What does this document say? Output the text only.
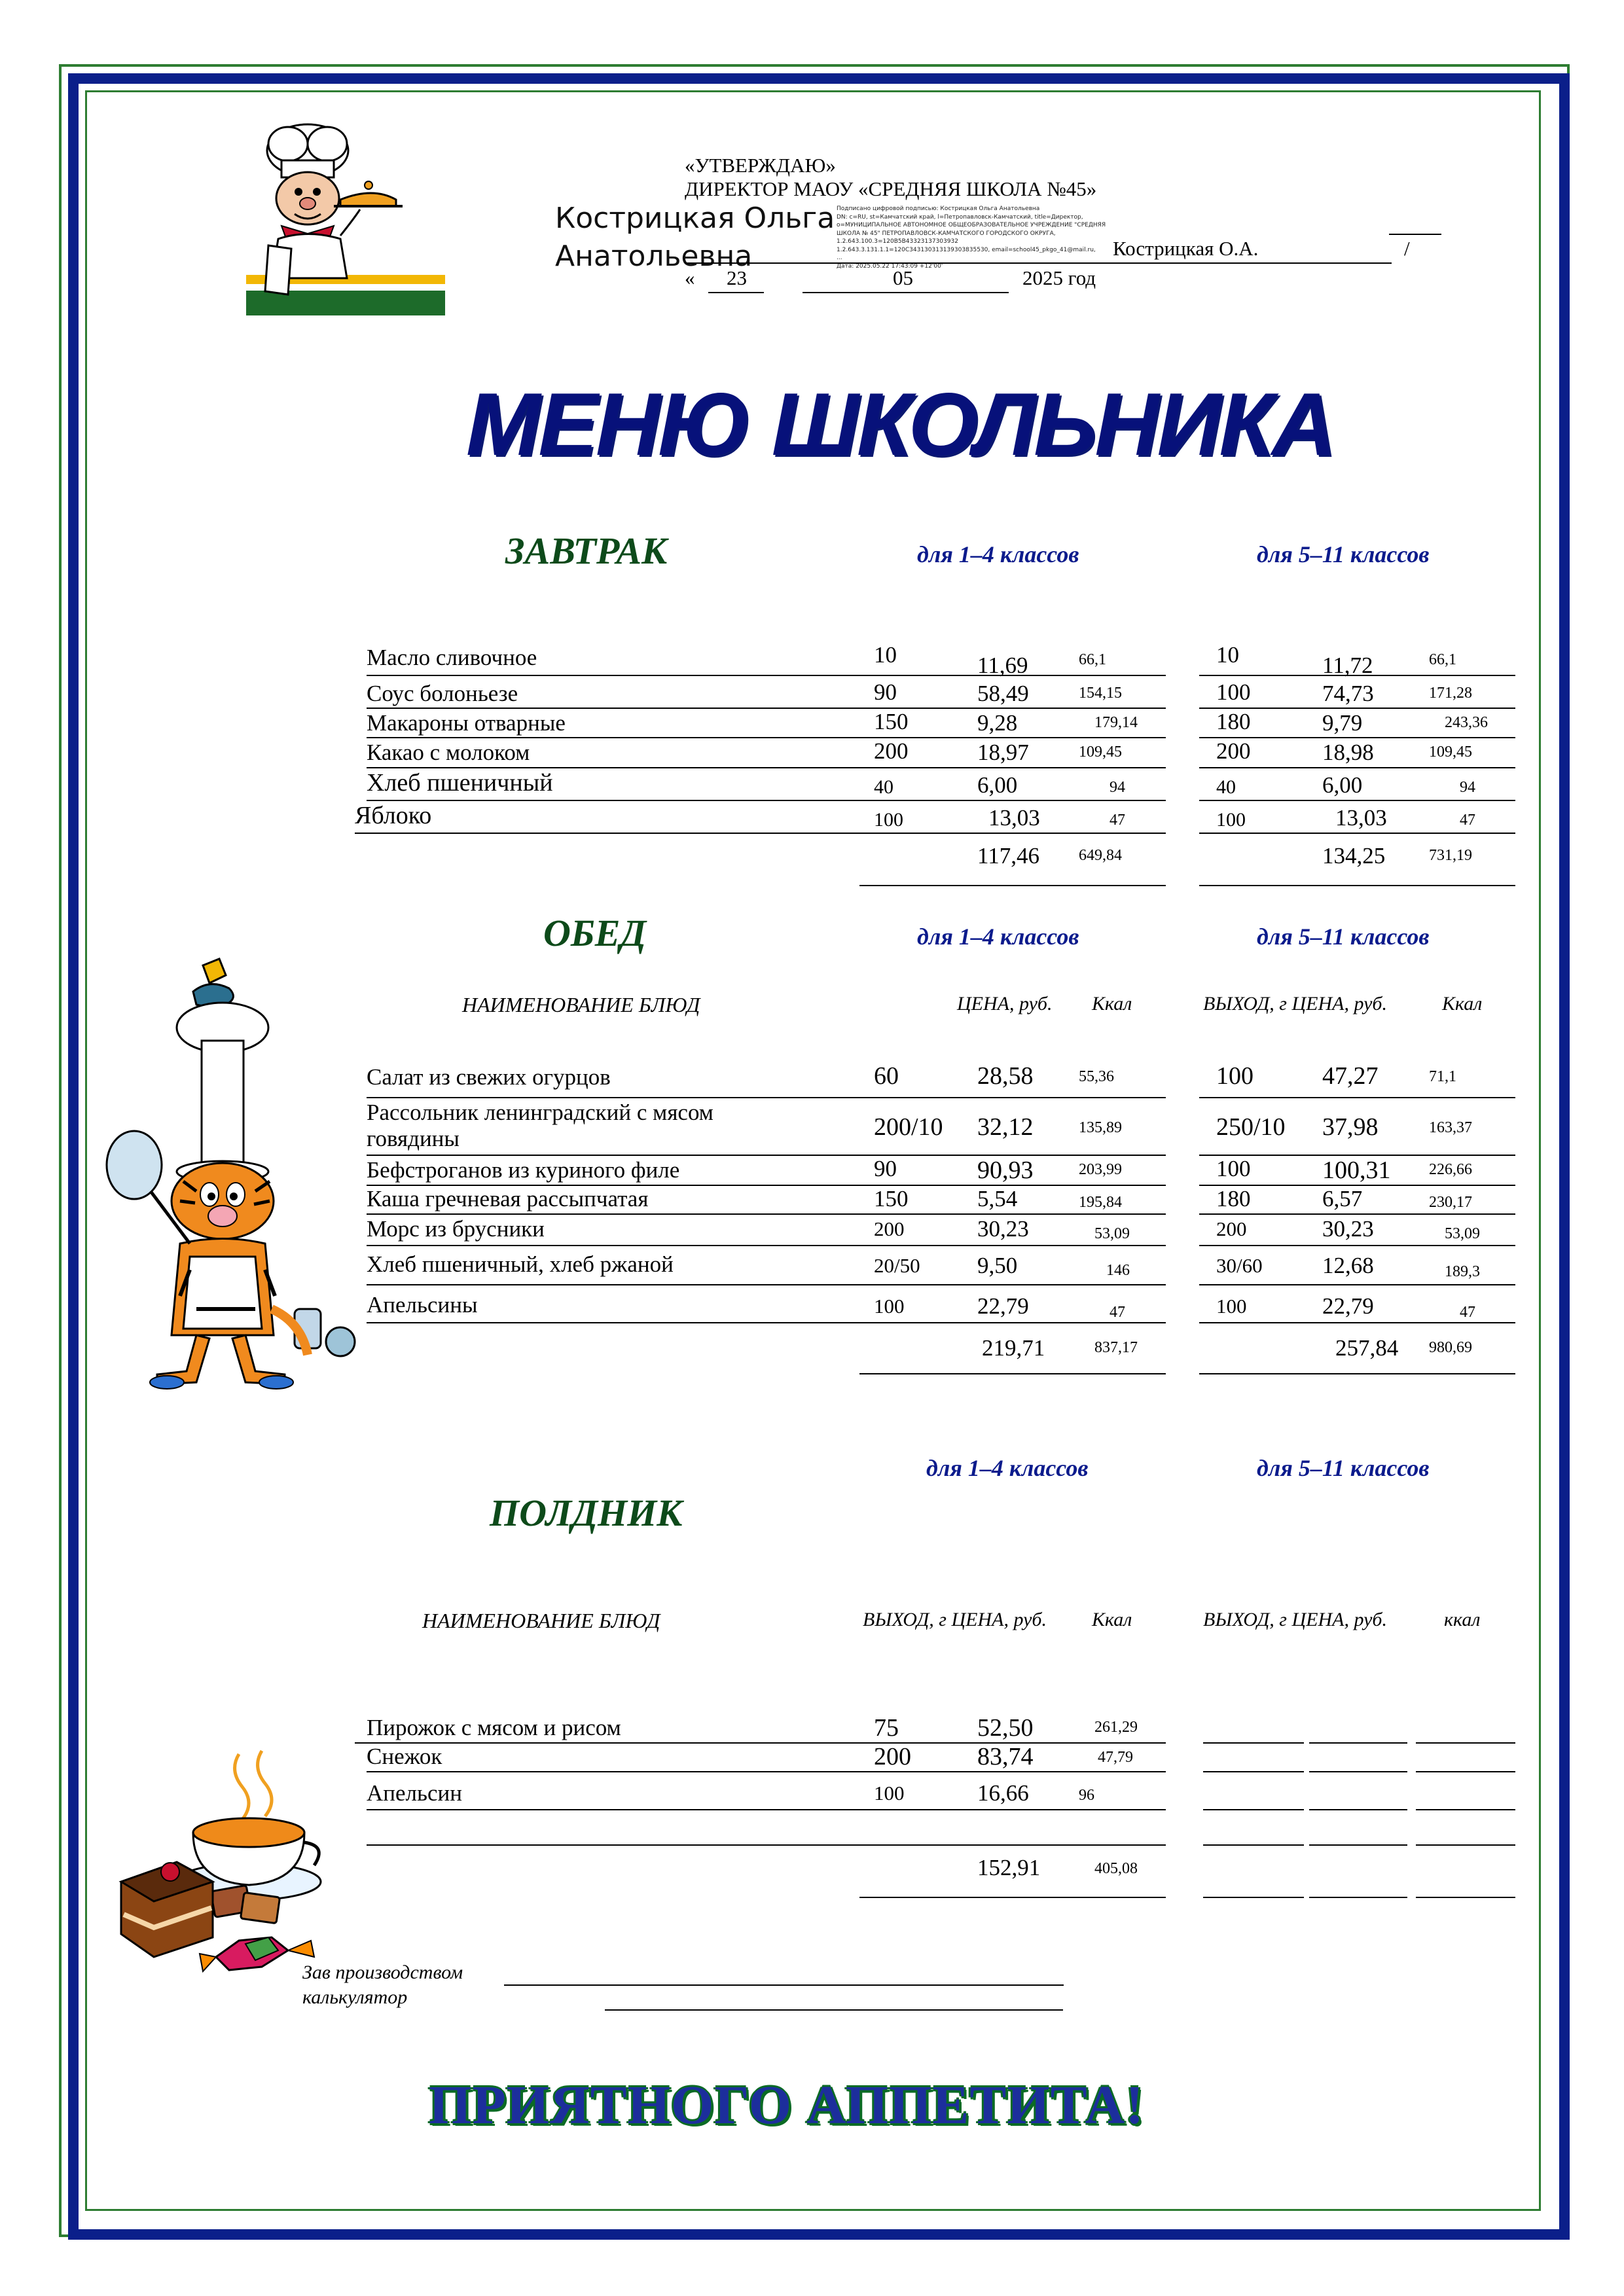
«УТВЕРЖДАЮ»
ДИРЕКТОР МАОУ «СРЕДНЯЯ ШКОЛА №45»
Кострицкая Ольга
Анатольевна
Подписано цифровой подписью: Кострицкая Ольга Анатольевна
DN: c=RU, st=Камчатский край, l=Петропавловск-Камчатский, title=Директор,
o=МУНИЦИПАЛЬНОЕ АВТОНОМНОЕ ОБЩЕОБРАЗОВАТЕЛЬНОЕ УЧРЕЖДЕНИЕ "СРЕДНЯЯ
ШКОЛА № 45" ПЕТРОПАВЛОВСК-КАМЧАТСКОГО ГОРОДСКОГО ОКРУГА,
1.2.643.100.3=120В5В43323137303932
1.2.643.3.131.1.1=120С343130313139303835530, email=school45_pkgo_41@mail.ru,
...
Дата: 2025.05.22 17:43:09 +12'00'
Кострицкая О.А.	/
« 23	05	2025 год
МЕНЮ ШКОЛЬНИКА
ЗАВТРАК	для 1–4 классов	для 5–11 классов
Масло сливочное	10	11,69	66,1	10	11,72	66,1
Соус болоньезе	90	58,49	154,15	100	74,73	171,28
Макароны отварные	150	9,28	179,14	180	9,79	243,36
Какао с молоком	200	18,97	109,45	200	18,98	109,45
Хлеб пшеничный	40	6,00	94	40	6,00	94
Яблоко	100	13,03	47	100	13,03	47
117,46	649,84	134,25	731,19
ОБЕД	для 1–4 классов	для 5–11 классов
НАИМЕНОВАНИЕ БЛЮД	ЦЕНА, руб. Ккал	ВЫХОД, г ЦЕНА, руб.	Ккал
Салат из свежих огурцов	60	28,58	55,36	100	47,27	71,1
Рассольник ленинградский с мясом
говядины	200/10 32,12	135,89	250/10 37,98	163,37
Бефстроганов из куриного филе	90	90,93	203,99	100	100,31 226,66
Каша гречневая рассыпчатая	150	5,54	195,84	180	6,57	230,17
Морс из брусники	200	30,23	53,09	200	30,23	53,09
Хлеб пшеничный, хлеб ржаной	20/50 9,50	146	30/60	12,68	189,3
Апельсины	100	22,79	47	100	22,79	47
219,71	837,17	257,84 980,69
для 1–4 классов	для 5–11 классов
ПОЛДНИК
НАИМЕНОВАНИЕ БЛЮД	ВЫХОД, г ЦЕНА, руб. Ккал	ВЫХОД, г ЦЕНА, руб.	ккал
Пирожок с мясом и рисом	75	52,50	261,29
Снежок	200	83,74	47,79
Апельсин	100	16,66	96
152,91	405,08
Зав производством
калькулятор
ПРИЯТНОГО АППЕТИТА!
